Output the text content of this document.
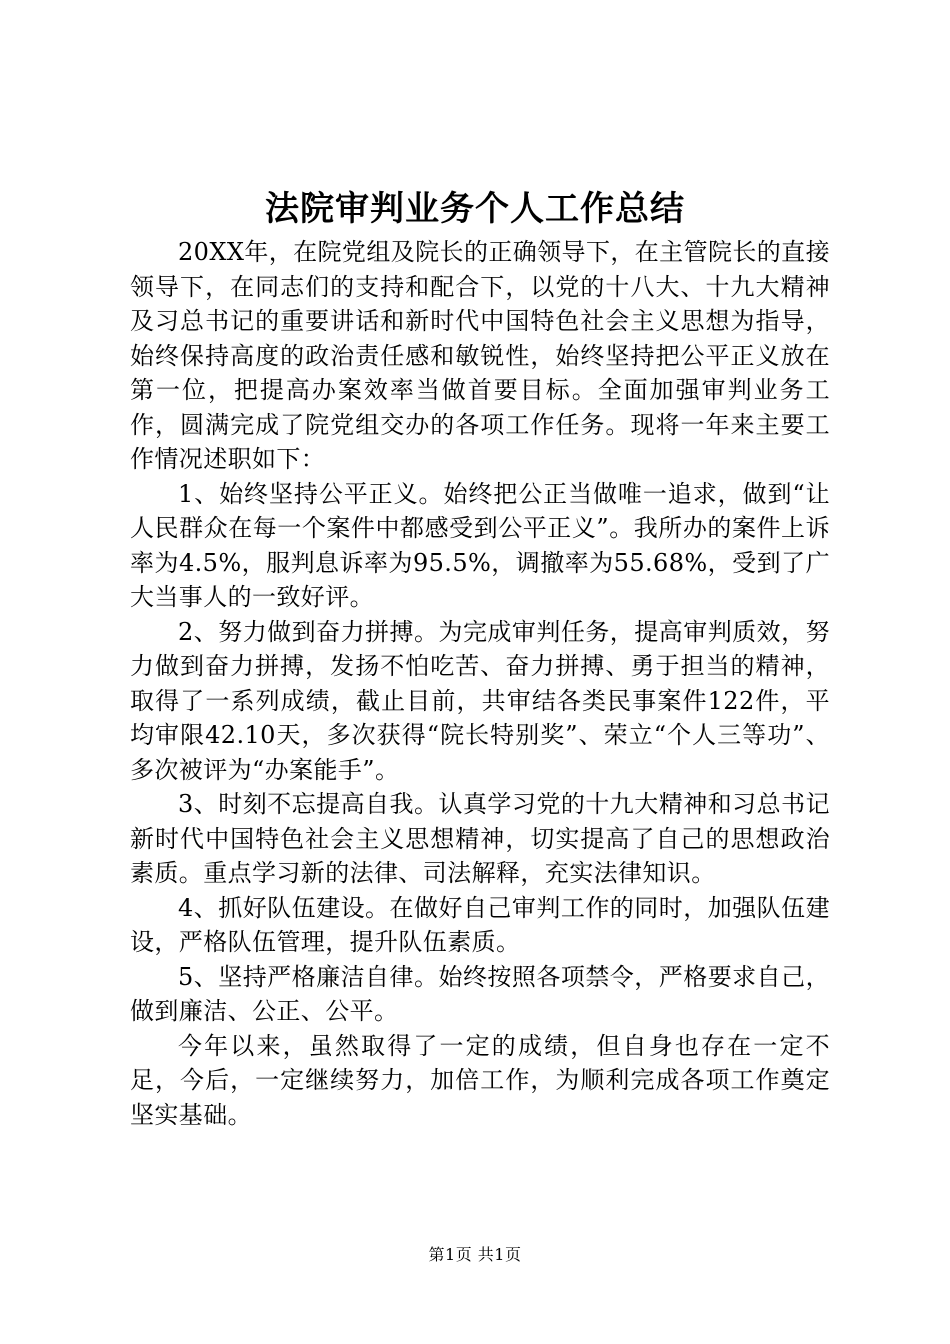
法院审判业务个人工作总结

20XX年，在院党组及院长的正确领导下，在主管院长的直接领导下，在同志们的支持和配合下，以党的十八大、十九大精神及习总书记的重要讲话和新时代中国特色社会主义思想为指导，始终保持高度的政治责任感和敏锐性，始终坚持把公平正义放在第一位，把提高办案效率当做首要目标。全面加强审判业务工作，圆满完成了院党组交办的各项工作任务。现将一年来主要工作情况述职如下：

1、始终坚持公平正义。始终把公正当做唯一追求，做到“让人民群众在每一个案件中都感受到公平正义”。我所办的案件上诉率为4.5%，服判息诉率为95.5%，调撤率为55.68%，受到了广大当事人的一致好评。

2、努力做到奋力拼搏。为完成审判任务，提高审判质效，努力做到奋力拼搏，发扬不怕吃苦、奋力拼搏、勇于担当的精神，取得了一系列成绩，截止目前，共审结各类民事案件122件，平均审限42.10天，多次获得“院长特别奖”、荣立“个人三等功”、多次被评为“办案能手”。

3、时刻不忘提高自我。认真学习党的十九大精神和习总书记新时代中国特色社会主义思想精神，切实提高了自己的思想政治素质。重点学习新的法律、司法解释，充实法律知识。

4、抓好队伍建设。在做好自己审判工作的同时，加强队伍建设，严格队伍管理，提升队伍素质。

5、坚持严格廉洁自律。始终按照各项禁令，严格要求自己，做到廉洁、公正、公平。

今年以来，虽然取得了一定的成绩，但自身也存在一定不足，今后，一定继续努力，加倍工作，为顺利完成各项工作奠定坚实基础。

第1页 共1页
